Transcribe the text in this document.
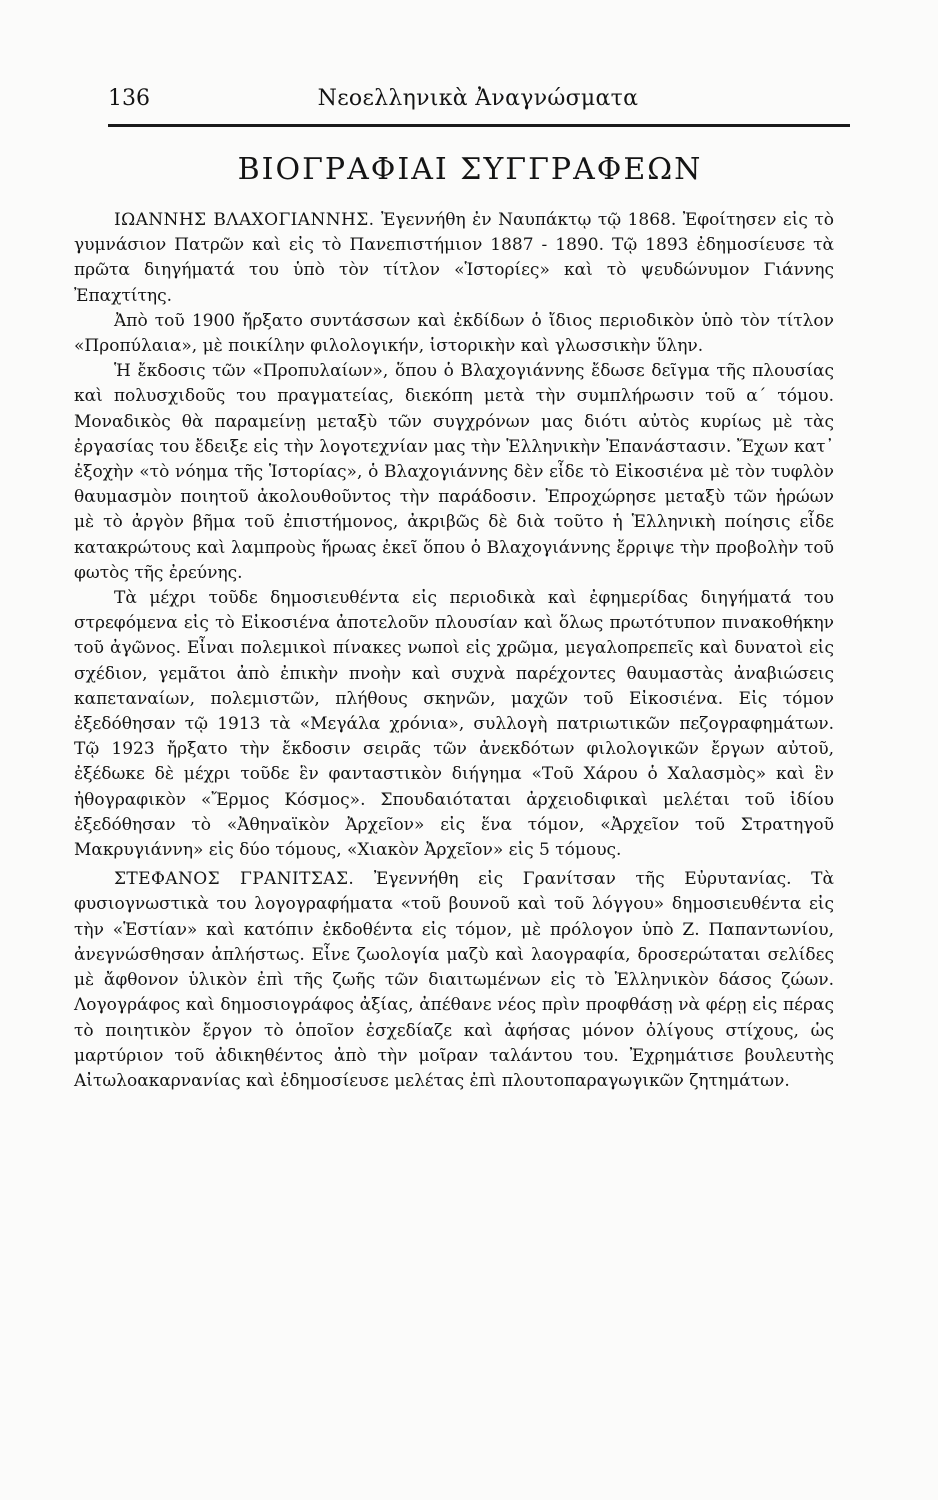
136	Νεοελληνικὰ Ἀναγνώσματα
ΒΙΟΓΡΑΦΙΑΙ ΣΥΓΓΡΑΦΕΩΝ

ΙΩΑΝΝΗΣ ΒΛΑΧΟΓΙΑΝΝΗΣ. Ἐγεννήθη ἐν Ναυπάκτῳ τῷ 1868. Ἐφοίτησεν εἰς τὸ γυμνάσιον Πατρῶν καὶ εἰς τὸ Πανεπιστήμιον 1887 - 1890. Τῷ 1893 ἐδημοσίευσε τὰ πρῶτα διηγήματά του ὑπὸ τὸν τίτλον «Ἱστορίες» καὶ τὸ ψευδώνυμον Γιάννης Ἐπαχτίτης.

Ἀπὸ τοῦ 1900 ἤρξατο συντάσσων καὶ ἐκδίδων ὁ ἴδιος περιοδικὸν ὑπὸ τὸν τίτλον «Προπύλαια», μὲ ποικίλην φιλολογικήν, ἱστορικὴν καὶ γλωσσικὴν ὕλην.

Ἡ ἔκδοσις τῶν «Προπυλαίων», ὅπου ὁ Βλαχογιάννης ἔδωσε δεῖγμα τῆς πλουσίας καὶ πολυσχιδοῦς του πραγματείας, διεκόπη μετὰ τὴν συμπλήρωσιν τοῦ α΄ τόμου. Μοναδικὸς θὰ παραμείνῃ μεταξὺ τῶν συγχρόνων μας διότι αὐτὸς κυρίως μὲ τὰς ἐργασίας του ἔδειξε εἰς τὴν λογοτεχνίαν μας τὴν Ἑλληνικὴν Ἐπανάστασιν. Ἔχων κατ᾿ ἐξοχὴν «τὸ νόημα τῆς Ἱστορίας», ὁ Βλαχογιάννης δὲν εἶδε τὸ Εἰκοσιένα μὲ τὸν τυφλὸν θαυμασμὸν ποιητοῦ ἀκολουθοῦντος τὴν παράδοσιν. Ἐπροχώρησε μεταξὺ τῶν ἡρώων μὲ τὸ ἀργὸν βῆμα τοῦ ἐπιστήμονος, ἀκριβῶς δὲ διὰ τοῦτο ἡ Ἑλληνικὴ ποίησις εἶδε κατακρώτους καὶ λαμπροὺς ἥρωας ἐκεῖ ὅπου ὁ Βλαχογιάννης ἔρριψε τὴν προβολὴν τοῦ φωτὸς τῆς ἐρεύνης.

Τὰ μέχρι τοῦδε δημοσιευθέντα εἰς περιοδικὰ καὶ ἐφημερίδας διηγήματά του στρεφόμενα εἰς τὸ Εἰκοσιένα ἀποτελοῦν πλουσίαν καὶ ὅλως πρωτότυπον πινακοθήκην τοῦ ἀγῶνος. Εἶναι πολεμικοὶ πίνακες νωποὶ εἰς χρῶμα, μεγαλοπρεπεῖς καὶ δυνατοὶ εἰς σχέδιον, γεμᾶτοι ἀπὸ ἐπικὴν πνοὴν καὶ συχνὰ παρέχοντες θαυμαστὰς ἀναβιώσεις καπεταναίων, πολεμιστῶν, πλήθους σκηνῶν, μαχῶν τοῦ Εἰκοσιένα. Εἰς τόμον ἐξεδόθησαν τῷ 1913 τὰ «Μεγάλα χρόνια», συλλογὴ πατριωτικῶν πεζογραφημάτων. Τῷ 1923 ἤρξατο τὴν ἔκδοσιν σειρᾶς τῶν ἀνεκδότων φιλολογικῶν ἔργων αὐτοῦ, ἐξέδωκε δὲ μέχρι τοῦδε ἓν φανταστικὸν διήγημα «Τοῦ Χάρου ὁ Χαλασμὸς» καὶ ἓν ἠθογραφικὸν «Ἔρμος Κόσμος». Σπουδαιόταται ἀρχειοδιφικαὶ μελέται τοῦ ἰδίου ἐξεδόθησαν τὸ «Ἀθηναϊκὸν Ἀρχεῖον» εἰς ἕνα τόμον, «Ἀρχεῖον τοῦ Στρατηγοῦ Μακρυγιάννη» εἰς δύο τόμους, «Χιακὸν Ἀρχεῖον» εἰς 5 τόμους.

ΣΤΕΦΑΝΟΣ ΓΡΑΝΙΤΣΑΣ. Ἐγεννήθη εἰς Γρανίτσαν τῆς Εὐρυτανίας. Τὰ φυσιογνωστικὰ του λογογραφήματα «τοῦ βουνοῦ καὶ τοῦ λόγγου» δημοσιευθέντα εἰς τὴν «Ἑστίαν» καὶ κατόπιν ἐκδοθέντα εἰς τόμον, μὲ πρόλογον ὑπὸ Ζ. Παπαντωνίου, ἀνεγνώσθησαν ἀπλήστως. Εἶνε ζωολογία μαζὺ καὶ λαογραφία, δροσερώταται σελίδες μὲ ἄφθονον ὑλικὸν ἐπὶ τῆς ζωῆς τῶν διαιτωμένων εἰς τὸ Ἑλληνικὸν δάσος ζώων. Λογογράφος καὶ δημοσιογράφος ἀξίας, ἀπέθανε νέος πρὶν προφθάσῃ νὰ φέρῃ εἰς πέρας τὸ ποιητικὸν ἔργον τὸ ὁποῖον ἐσχεδίαζε καὶ ἀφήσας μόνον ὀλίγους στίχους, ὡς μαρτύριον τοῦ ἀδικηθέντος ἀπὸ τὴν μοῖραν ταλάντου του. Ἐχρημάτισε βουλευτὴς Αἰτωλοακαρνανίας καὶ ἐδημοσίευσε μελέτας ἐπὶ πλουτοπαραγωγικῶν ζητημάτων.
